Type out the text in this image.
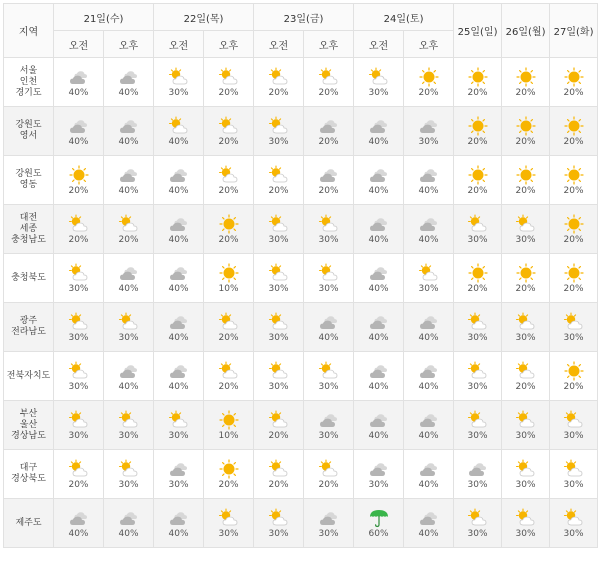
지역	21일(수)		22일(목)		23일(금)		24일(토)		25일(일)	26일(월)	27일(화)
	오전	오후	오전	오후	오전	오후	오전	오후			

서울
인천
경기도	40%	40%	30%	20%	20%	20%	30%	20%	20%	20%	20%

강원도
영서	40%	40%	40%	20%	30%	20%	40%	30%	20%	20%	20%

강원도
영동	20%	40%	40%	20%	20%	20%	40%	40%	20%	20%	20%

대전
세종
충청남도	20%	20%	40%	20%	30%	30%	40%	40%	30%	30%	20%

충청북도	30%	40%	40%	10%	30%	30%	40%	30%	20%	20%	20%

광주
전라남도	30%	30%	40%	20%	30%	40%	40%	40%	30%	30%	30%

전북자치도	30%	40%	40%	20%	30%	30%	40%	40%	30%	20%	20%

부산
울산
경상남도	30%	30%	30%	10%	20%	30%	40%	40%	30%	30%	30%

대구
경상북도	20%	30%	30%	20%	20%	20%	30%	40%	30%	30%	30%

제주도	40%	40%	40%	30%	30%	30%	60%	40%	30%	30%	30%
